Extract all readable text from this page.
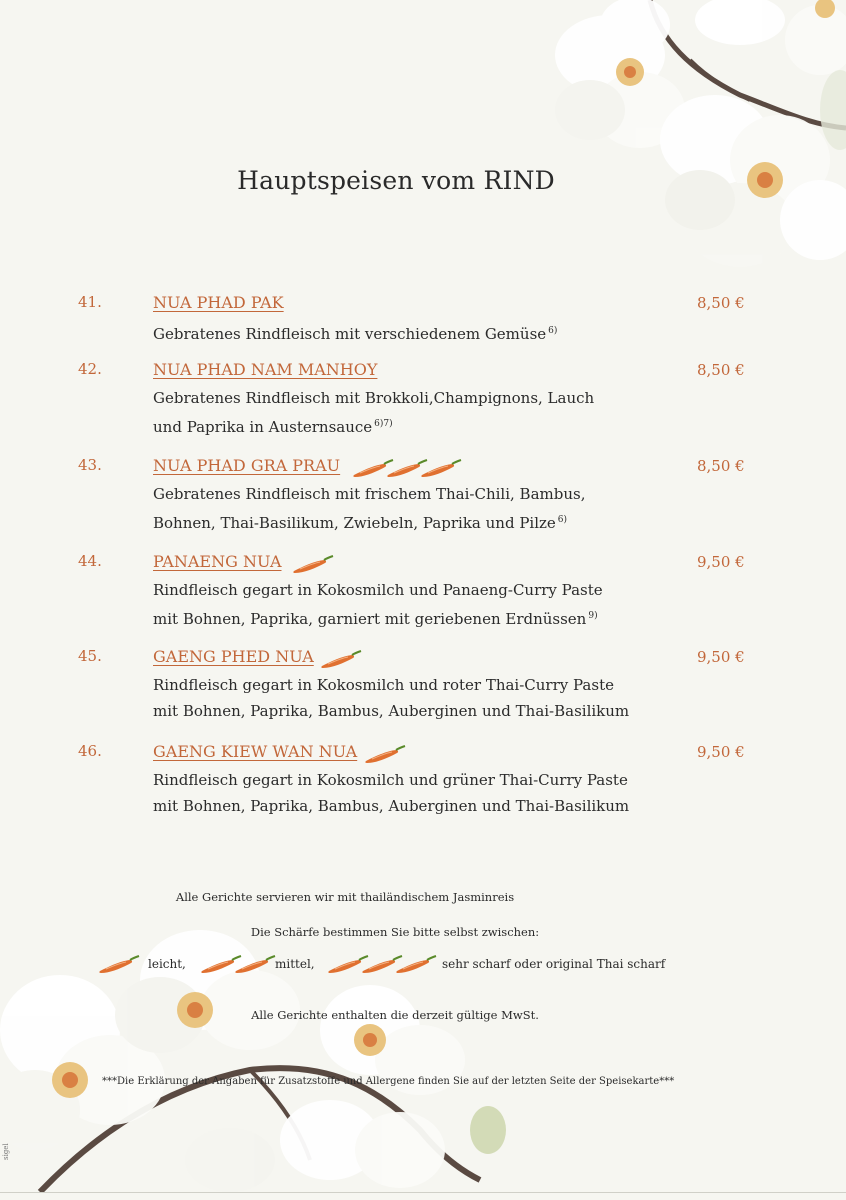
Hauptspeisen vom RIND
41.	NUA PHAD PAK
Gebratenes Rindfleisch mit verschiedenem Gemüse $^{6)}$
8,50 €
42.	NUA PHAD NAM MANHOY
Gebratenes Rindfleisch mit Brokkoli,Champignons, Lauch
und Paprika in Austernsauce $^{6)7)}$
8,50 €
43.	NUA PHAD GRA PRAU
Gebratenes Rindfleisch mit frischem Thai-Chili, Bambus,
Bohnen, Thai-Basilikum, Zwiebeln, Paprika und Pilze $^{6)}$
8,50 €
44.	PANAENG NUA
Rindfleisch gegart in Kokosmilch und Panaeng-Curry Paste
mit Bohnen, Paprika, garniert mit geriebenen Erdnüssen $^{9)}$
9,50 €
45.	GAENG PHED NUA
Rindfleisch gegart in Kokosmilch und roter Thai-Curry Paste
mit Bohnen, Paprika, Bambus, Auberginen und Thai-Basilikum
9,50 €
46.	GAENG KIEW WAN NUA
Rindfleisch gegart in Kokosmilch und grüner Thai-Curry Paste
mit Bohnen, Paprika, Bambus, Auberginen und Thai-Basilikum
9,50 €
Alle Gerichte servieren wir mit thailändischem Jasminreis
Die Schärfe bestimmen Sie bitte selbst zwischen:
leicht,	mittel,	sehr scharf oder original Thai scharf
Alle Gerichte enthalten die derzeit gültige MwSt.
***Die Erklärung der Angaben für Zusatzstoffe und Allergene finden Sie auf der letzten Seite der Speisekarte***
sigel
